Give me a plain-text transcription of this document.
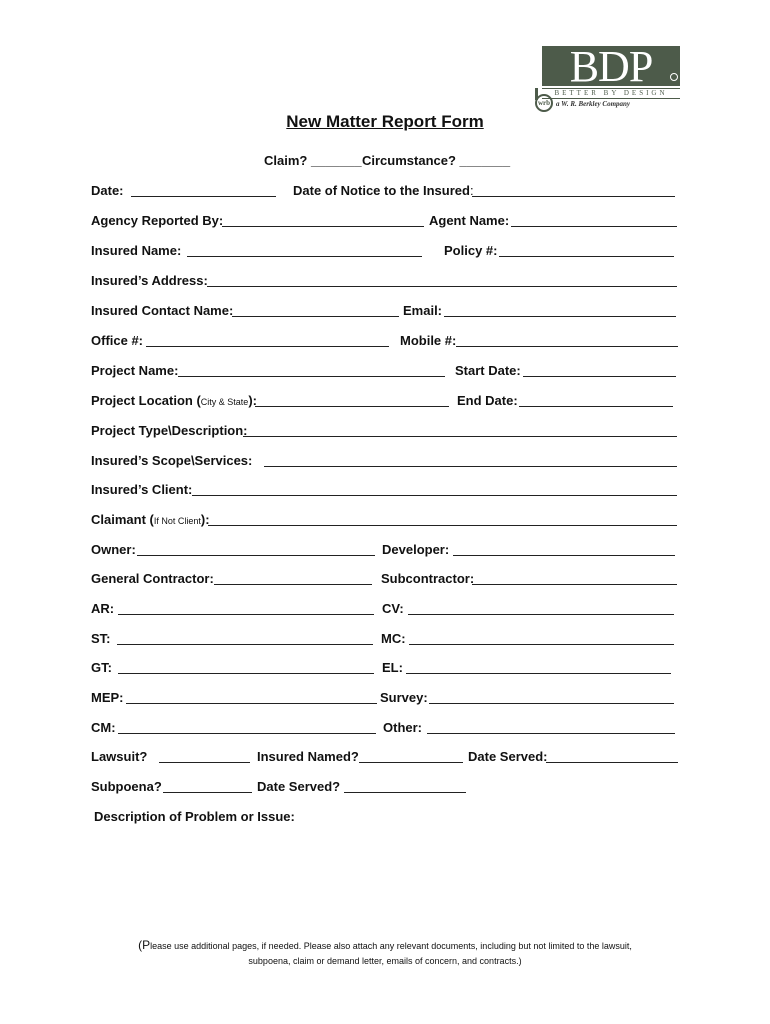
BDP
BETTER BY DESIGN
wrb a W. R. Berkley Company
New Matter Report Form
Claim? _______ Circumstance? _______
Date:	Date of Notice to the Insured:
Agency Reported By:	Agent Name:
Insured Name:	Policy #:
Insured’s Address:
Insured Contact Name:	Email:
Office #:	Mobile #:
Project Name:	Start Date:
Project Location (City & State):	End Date:
Project Type\Description:
Insured’s Scope\Services:
Insured’s Client:
Claimant (If Not Client):
Owner:	Developer:
General Contractor:	Subcontractor:
AR:	CV:
ST:	MC:
GT:	EL:
MEP:	Survey:
CM:	Other:
Lawsuit?	Insured Named?	Date Served:
Subpoena?	Date Served?
Description of Problem or Issue:
(Please use additional pages, if needed. Please also attach any relevant documents, including but not limited to the lawsuit,
subpoena, claim or demand letter, emails of concern, and contracts.)
